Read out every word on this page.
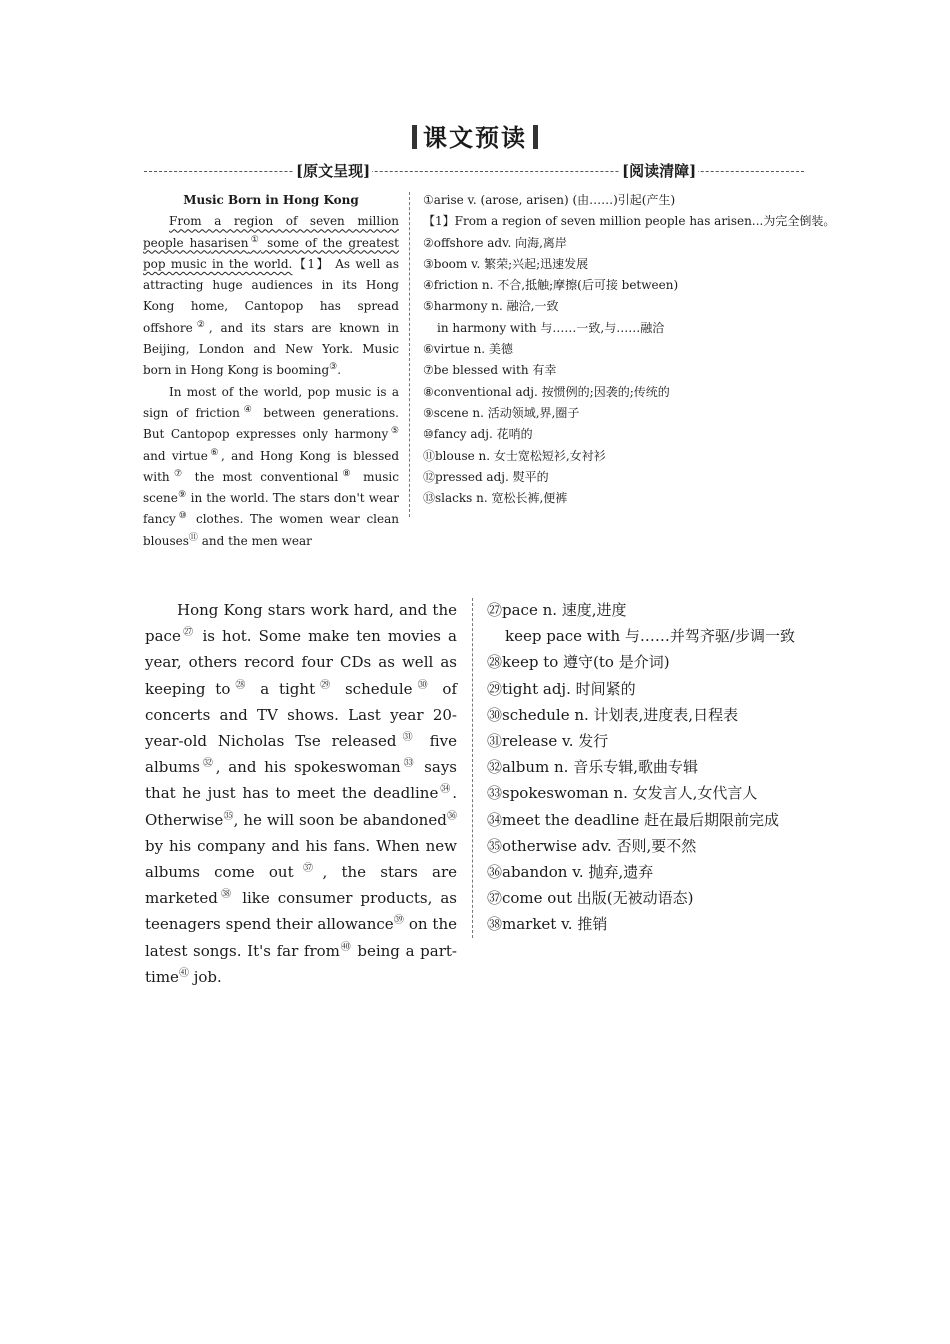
课文预读
[原文呈现]	[阅读清障]
Music Born in Hong Kong

From a region of seven million people hasarisen① some of the greatest pop music in the world.【1】 As well as attracting huge audiences in its Hong Kong home, Cantopop has spread offshore②, and its stars are known in Beijing, London and New York. Music born in Hong Kong is booming③.

In most of the world, pop music is a sign of friction④ between generations. But Cantopop expresses only harmony⑤ and virtue⑥, and Hong Kong is blessed with⑦ the most conventional⑧ music scene⑨ in the world. The stars don't wear fancy⑩ clothes. The women wear clean blouses⑪ and the men wear

①arise v. (arose, arisen) (由……)引起(产生)
【1】From a region of seven million people has arisen...为完全倒装。
②offshore adv. 向海,离岸
③boom v. 繁荣;兴起;迅速发展
④friction n. 不合,抵触;摩擦(后可接 between)
⑤harmony n. 融洽,一致
in harmony with 与……一致,与……融洽
⑥virtue n. 美德
⑦be blessed with 有幸
⑧conventional adj. 按惯例的;因袭的;传统的
⑨scene n. 活动领域,界,圈子
⑩fancy adj. 花哨的
⑪blouse n. 女士宽松短衫,女衬衫
⑫pressed adj. 熨平的
⑬slacks n. 宽松长裤,便裤

Hong Kong stars work hard, and the pace$^㉗$ is hot. Some make ten movies a year, others record four CDs as well as keeping $to^㉘$ a tight$^㉙$ schedule$^㉚$ of concerts and TV shows. Last year 20-year-old Nicholas Tse released$^㉛$ five albums$^㉜$, and his spokeswoman$^㉝$ says that he just has to meet the deadline$^㉞$. Otherwise$^㉟$, he will soon be abandoned$^㊱$ by his company and his fans. When new albums come out$^㊲$, the stars are marketed$^㊳$ like consumer products, as teenagers spend their allowance$^㊴$ on the latest songs. It's far from$^㊵$ being a part-time$^㊶$ job.

㉗pace n. 速度,进度
keep pace with 与……并驾齐驱/步调一致
㉘keep to 遵守(to 是介词)
㉙tight adj. 时间紧的
㉚schedule n. 计划表,进度表,日程表
㉛release v. 发行
㉜album n. 音乐专辑,歌曲专辑
㉝spokeswoman n. 女发言人,女代言人
㉞meet the deadline 赶在最后期限前完成
㉟otherwise adv. 否则,要不然
㊱abandon v. 抛弃,遗弃
㊲come out 出版(无被动语态)
㊳market v. 推销
